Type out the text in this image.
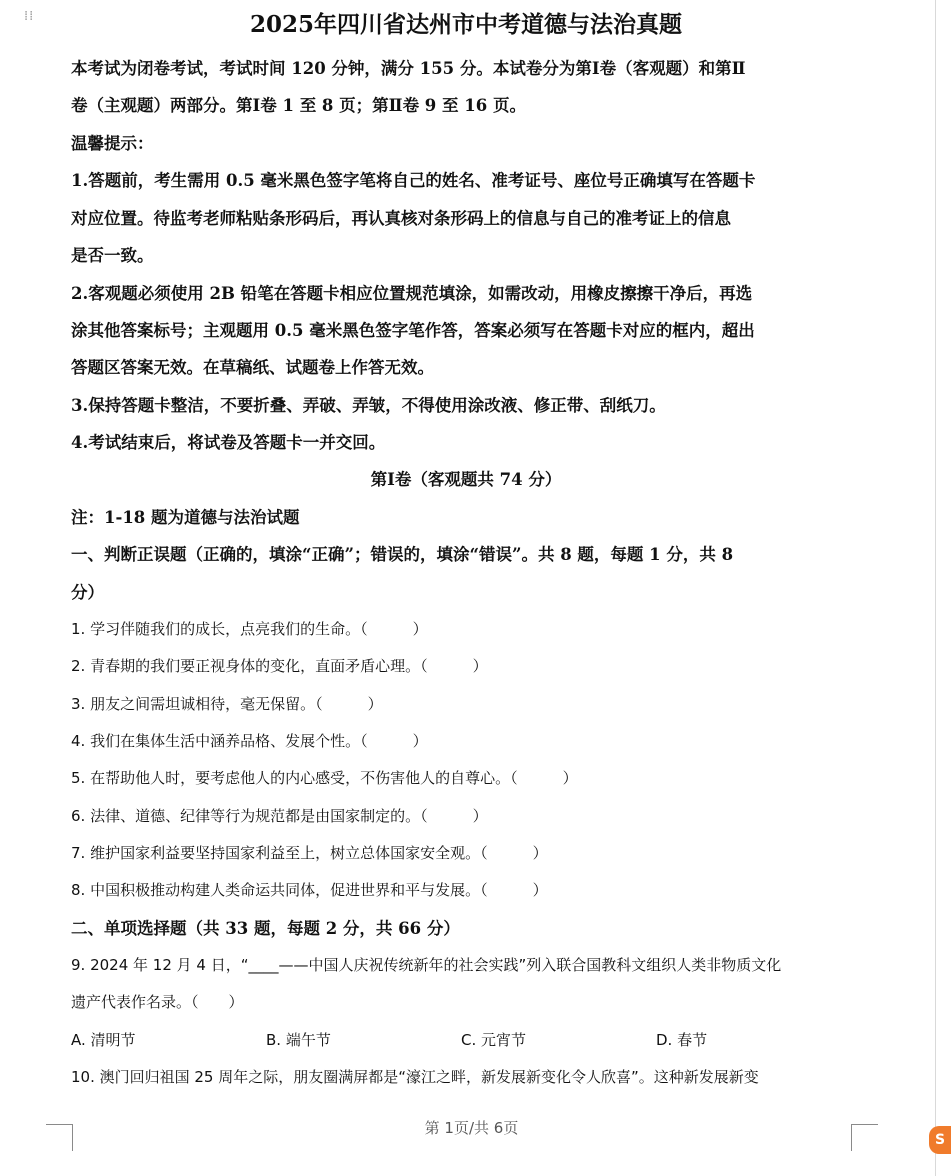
⁞⁞	2025年四川省达州市中考道德与法治真题
本考试为闭卷考试，考试时间 120 分钟，满分 155 分。本试卷分为第Ⅰ卷（客观题）和第Ⅱ
卷（主观题）两部分。第Ⅰ卷 1 至 8 页；第Ⅱ卷 9 至 16 页。
温馨提示：
1.答题前，考生需用 0.5 毫米黑色签字笔将自己的姓名、准考证号、座位号正确填写在答题卡
对应位置。待监考老师粘贴条形码后，再认真核对条形码上的信息与自己的准考证上的信息
是否一致。
2.客观题必须使用 2B 铅笔在答题卡相应位置规范填涂，如需改动，用橡皮擦擦干净后，再选
涂其他答案标号；主观题用 0.5 毫米黑色签字笔作答，答案必须写在答题卡对应的框内，超出
答题区答案无效。在草稿纸、试题卷上作答无效。
3.保持答题卡整洁，不要折叠、弄破、弄皱，不得使用涂改液、修正带、刮纸刀。
4.考试结束后，将试卷及答题卡一并交回。
第Ⅰ卷（客观题共 74 分）
注：1-18 题为道德与法治试题
一、判断正误题（正确的，填涂“正确”；错误的，填涂“错误”。共 8 题，每题 1 分，共 8
分）
1. 学习伴随我们的成长，点亮我们的生命。（　　　）
2. 青春期的我们要正视身体的变化，直面矛盾心理。（　　　）
3. 朋友之间需坦诚相待，毫无保留。（　　　）
4. 我们在集体生活中涵养品格、发展个性。（　　　）
5. 在帮助他人时，要考虑他人的内心感受，不伤害他人的自尊心。（　　　）
6. 法律、道德、纪律等行为规范都是由国家制定的。（　　　）
7. 维护国家利益要坚持国家利益至上，树立总体国家安全观。（　　　）
8. 中国积极推动构建人类命运共同体，促进世界和平与发展。（　　　）
二、单项选择题（共 33 题，每题 2 分，共 66 分）
9. 2024 年 12 月 4 日，“____——中国人庆祝传统新年的社会实践”列入联合国教科文组织人类非物质文化
遗产代表作名录。（　　）
A. 清明节	B. 端午节	C. 元宵节	D. 春节
10. 澳门回归祖国 25 周年之际，朋友圈满屏都是“濠江之畔，新发展新变化令人欣喜”。这种新发展新变
第 1页/共 6页
S
